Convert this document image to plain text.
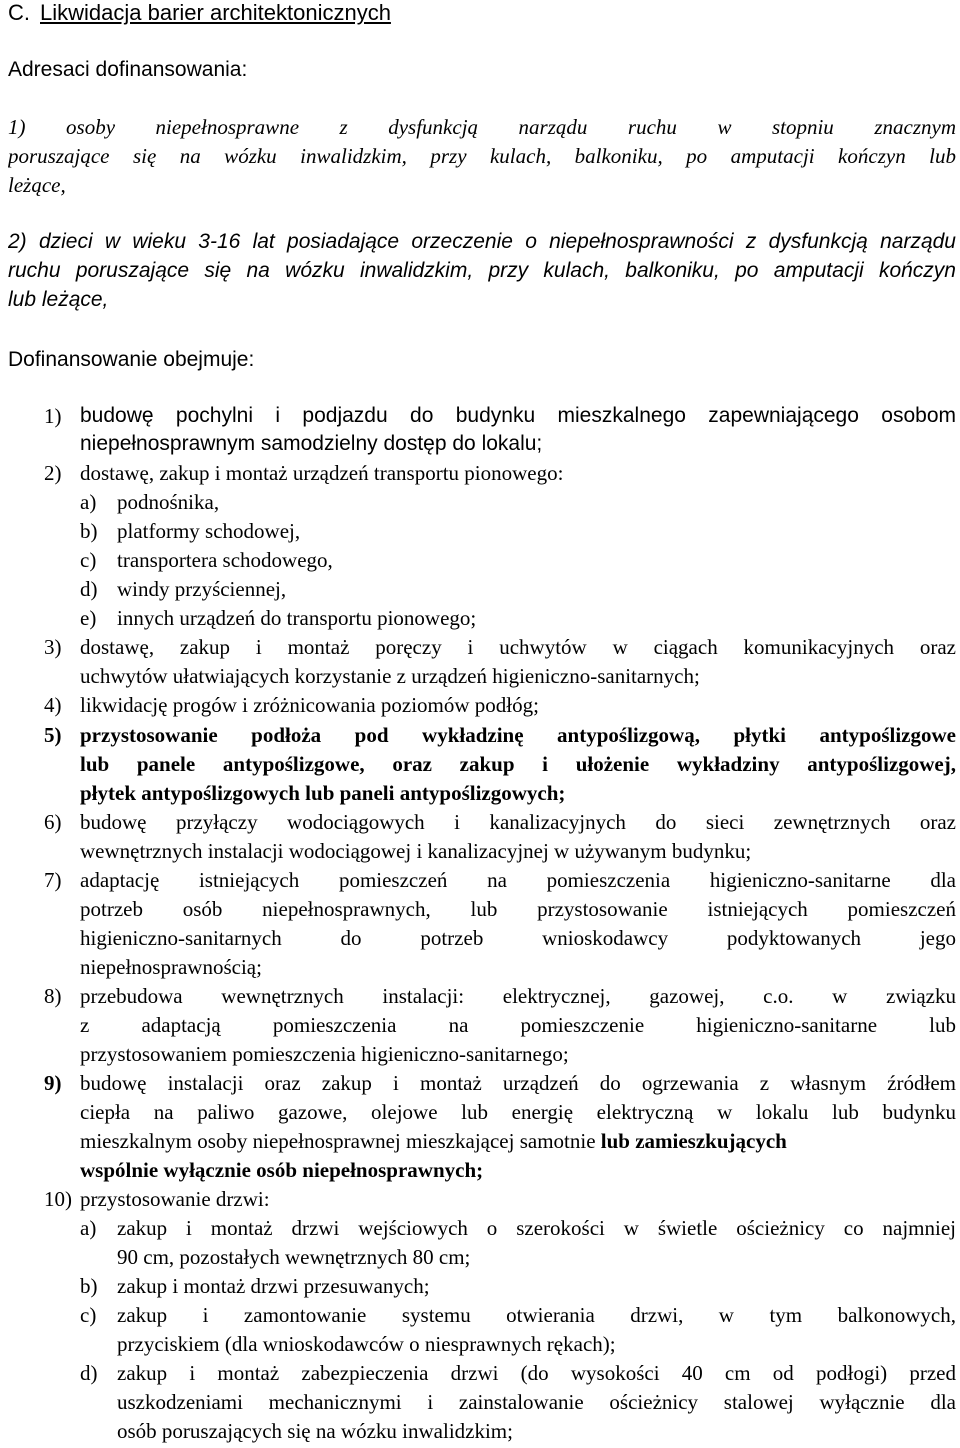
C. Likwidacja barier architektonicznych
Adresaci dofinansowania:
1) osoby niepełnosprawne z dysfunkcją narządu ruchu w stopniu znacznym
poruszające się na wózku inwalidzkim, przy kulach, balkoniku, po amputacji kończyn lub
leżące,
2) dzieci w wieku 3-16 lat posiadające orzeczenie o niepełnosprawności z dysfunkcją narządu
ruchu poruszające się na wózku inwalidzkim, przy kulach, balkoniku, po amputacji kończyn
lub leżące,
Dofinansowanie obejmuje:
1) budowę pochylni i podjazdu do budynku mieszkalnego zapewniającego osobom
niepełnosprawnym samodzielny dostęp do lokalu;
2) dostawę, zakup i montaż urządzeń transportu pionowego:
a) podnośnika,
b) platformy schodowej,
c) transportera schodowego,
d) windy przyściennej,
e) innych urządzeń do transportu pionowego;
3) dostawę, zakup i montaż poręczy i uchwytów w ciągach komunikacyjnych oraz
uchwytów ułatwiających korzystanie z urządzeń higieniczno-sanitarnych;
4) likwidację progów i zróżnicowania poziomów podłóg;
5) przystosowanie podłoża pod wykładzinę antypoślizgową, płytki antypoślizgowe
lub panele antypoślizgowe, oraz zakup i ułożenie wykładziny antypoślizgowej,
płytek antypoślizgowych lub paneli antypoślizgowych;
6) budowę przyłączy wodociągowych i kanalizacyjnych do sieci zewnętrznych oraz
wewnętrznych instalacji wodociągowej i kanalizacyjnej w używanym budynku;
7) adaptację istniejących pomieszczeń na pomieszczenia higieniczno-sanitarne dla
potrzeb osób niepełnosprawnych, lub przystosowanie istniejących pomieszczeń
higieniczno-sanitarnych do potrzeb wnioskodawcy podyktowanych jego
niepełnosprawnością;
8) przebudowa wewnętrznych instalacji: elektrycznej, gazowej, c.o. w związku
z adaptacją pomieszczenia na pomieszczenie higieniczno-sanitarne lub
przystosowaniem pomieszczenia higieniczno-sanitarnego;
9) budowę instalacji oraz zakup i montaż urządzeń do ogrzewania z własnym źródłem
ciepła na paliwo gazowe, olejowe lub energię elektryczną w lokalu lub budynku
mieszkalnym osoby niepełnosprawnej mieszkającej samotnie lub zamieszkujących
wspólnie wyłącznie osób niepełnosprawnych;
10) przystosowanie drzwi:
a) zakup i montaż drzwi wejściowych o szerokości w świetle ościeżnicy co najmniej
90 cm, pozostałych wewnętrznych 80 cm;
b) zakup i montaż drzwi przesuwanych;
c) zakup i zamontowanie systemu otwierania drzwi, w tym balkonowych,
przyciskiem (dla wnioskodawców o niesprawnych rękach);
d) zakup i montaż zabezpieczenia drzwi (do wysokości 40 cm od podłogi) przed
uszkodzeniami mechanicznymi i zainstalowanie ościeżnicy stalowej wyłącznie dla
osób poruszających się na wózku inwalidzkim;
